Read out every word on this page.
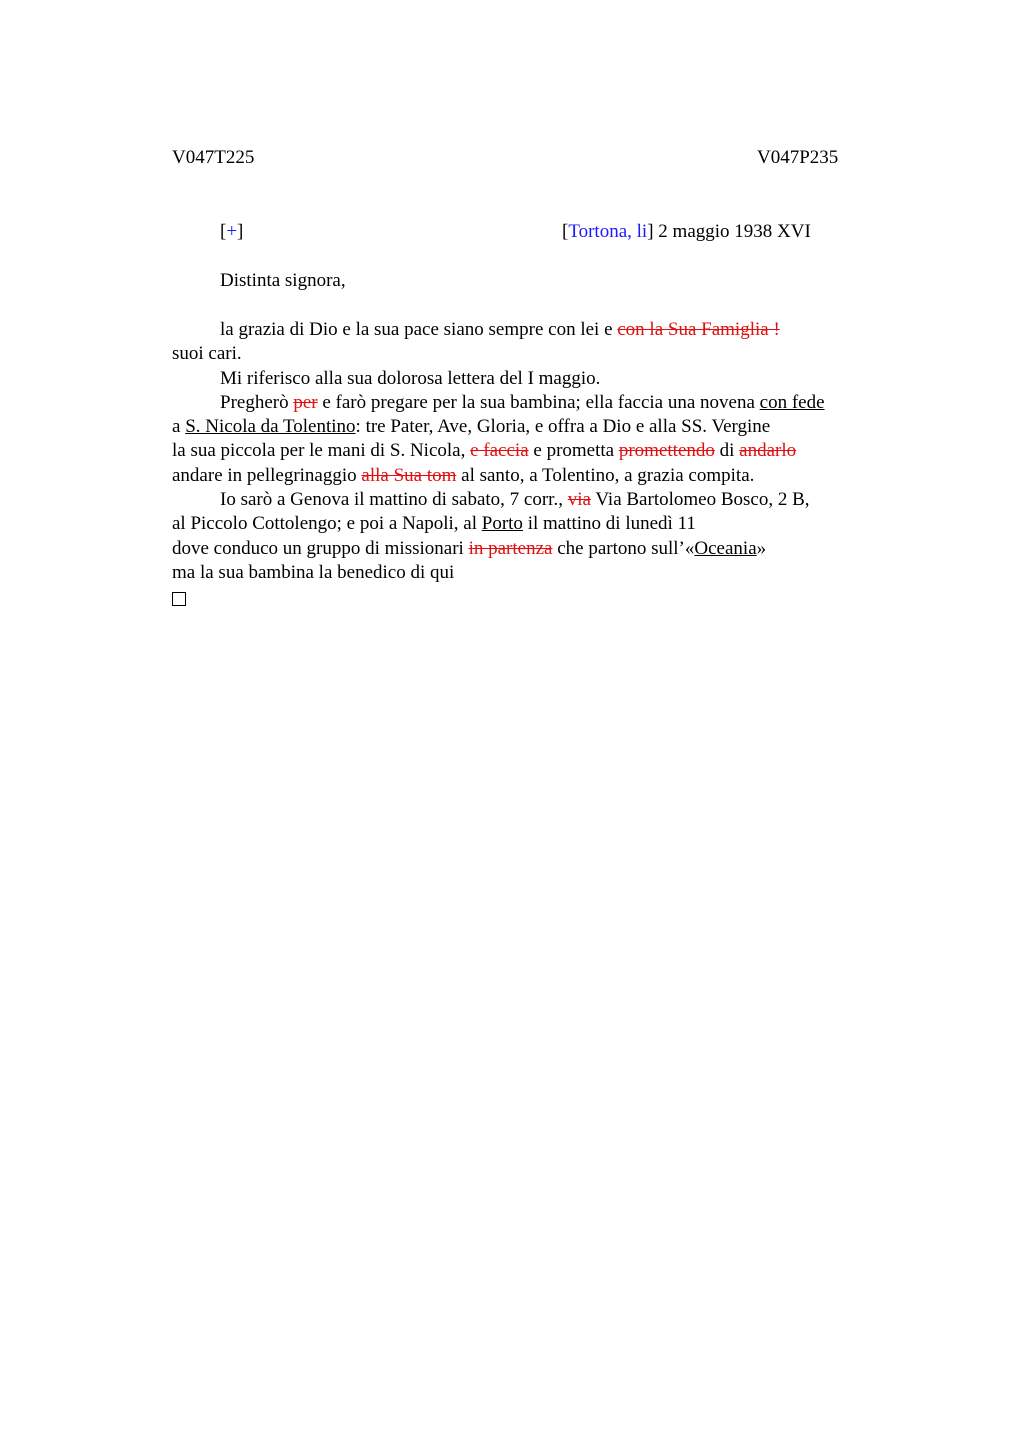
V047T225	V047P235
[+]	[Tortona, li] 2 maggio 1938 XVI
Distinta signora,
la grazia di Dio e la sua pace siano sempre con lei e con la Sua Famiglia !
suoi cari.
Mi riferisco alla sua dolorosa lettera del I maggio.
Pregherò per e farò pregare per la sua bambina; ella faccia una novena con fede
a S. Nicola da Tolentino: tre Pater, Ave, Gloria, e offra a Dio e alla SS. Vergine
la sua piccola per le mani di S. Nicola, e faccia e prometta promettendo di andarlo
andare in pellegrinaggio alla Sua tom al santo, a Tolentino, a grazia compita.
Io sarò a Genova il mattino di sabato, 7 corr., via Via Bartolomeo Bosco, 2 B,
al Piccolo Cottolengo; e poi a Napoli, al Porto il mattino di lunedì 11
dove conduco un gruppo di missionari in partenza che partono sull’«Oceania»
ma la sua bambina la benedico di qui
